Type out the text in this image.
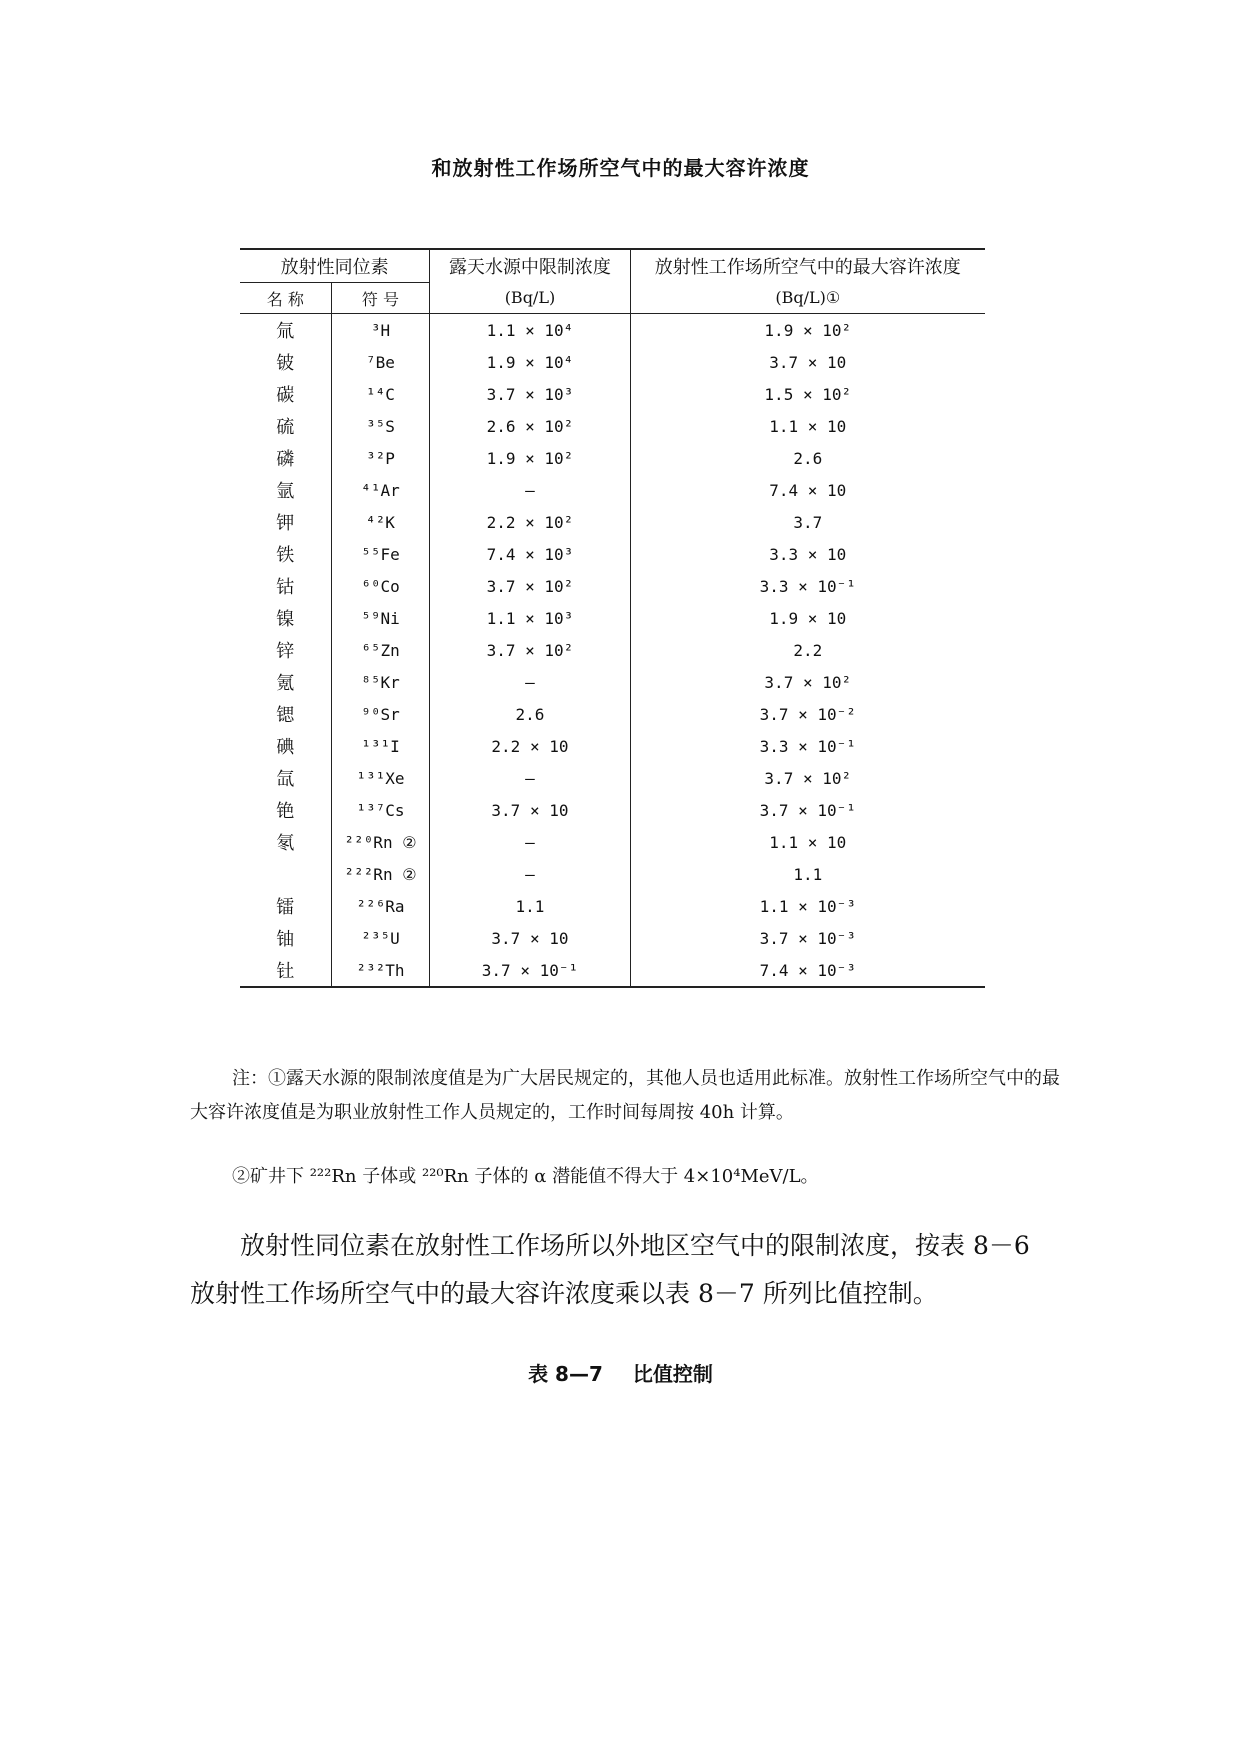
和放射性工作场所空气中的最大容许浓度
放射性同位素		露天水源中限制浓度	放射性工作场所空气中的最大容许浓度
名 称	符 号	(Bq/L)	(Bq/L)①
氚	³H	1.1 × 10⁴	1.9 × 10²
铍	⁷Be	1.9 × 10⁴	3.7 × 10
碳	¹⁴C	3.7 × 10³	1.5 × 10²
硫	³⁵S	2.6 × 10²	1.1 × 10
磷	³²P	1.9 × 10²	2.6
氩	⁴¹Ar	—	7.4 × 10
钾	⁴²K	2.2 × 10²	3.7
铁	⁵⁵Fe	7.4 × 10³	3.3 × 10
钴	⁶⁰Co	3.7 × 10²	3.3 × 10⁻¹
镍	⁵⁹Ni	1.1 × 10³	1.9 × 10
锌	⁶⁵Zn	3.7 × 10²	2.2
氪	⁸⁵Kr	—	3.7 × 10²
锶	⁹⁰Sr	2.6	3.7 × 10⁻²
碘	¹³¹I	2.2 × 10	3.3 × 10⁻¹
氙	¹³¹Xe	—	3.7 × 10²
铯	¹³⁷Cs	3.7 × 10	3.7 × 10⁻¹
氡	²²⁰Rn ②	—	1.1 × 10
	²²²Rn ②	—	1.1
镭	²²⁶Ra	1.1	1.1 × 10⁻³
铀	²³⁵U	3.7 × 10	3.7 × 10⁻³
钍	²³²Th	3.7 × 10⁻¹	7.4 × 10⁻³
注：①露天水源的限制浓度值是为广大居民规定的，其他人员也适用此标准。放射性工作场所空气中的最大容许浓度值是为职业放射性工作人员规定的，工作时间每周按 40h 计算。
②矿井下 ²²²Rn 子体或 ²²⁰Rn 子体的 α 潜能值不得大于 4×10⁴MeV/L。
放射性同位素在放射性工作场所以外地区空气中的限制浓度，按表 8－6 放射性工作场所空气中的最大容许浓度乘以表 8－7 所列比值控制。
表 8—7 比值控制
